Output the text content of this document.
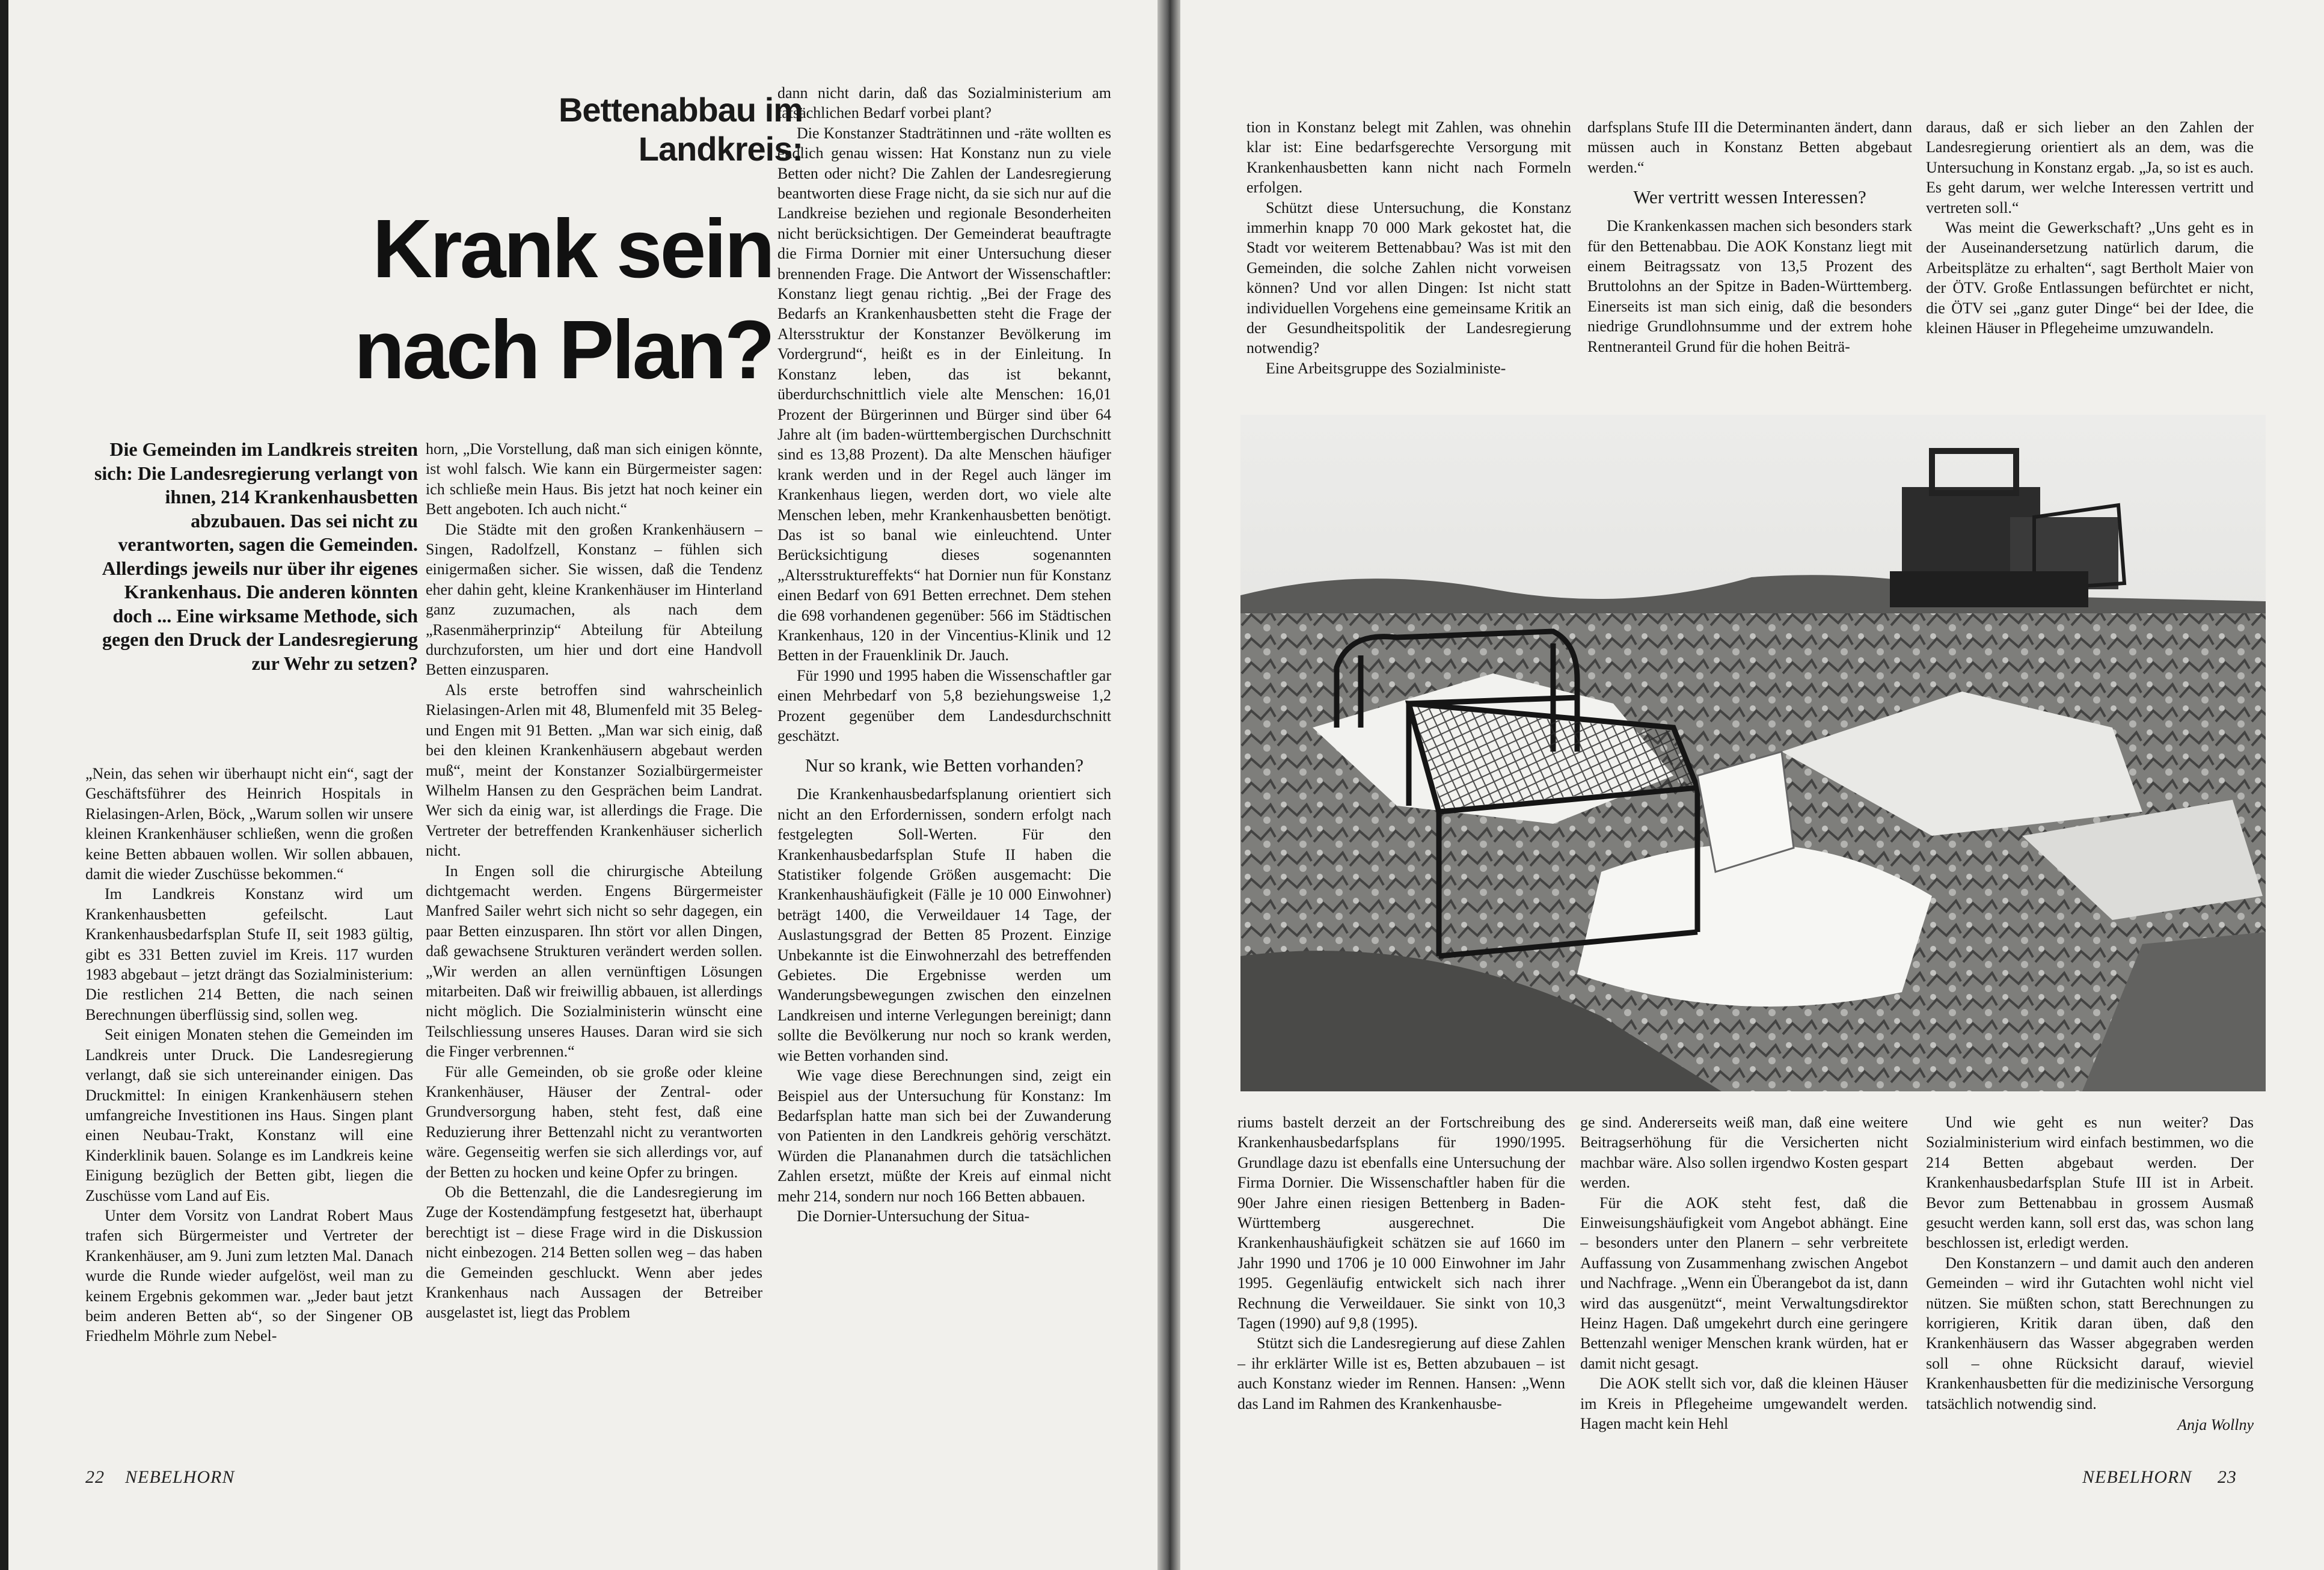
Bettenabbau im Landkreis:
Krank sein
nach Plan?
Die Gemeinden im Landkreis streiten sich: Die Landesregierung verlangt von ihnen, 214 Krankenhausbetten abzubauen. Das sei nicht zu verantworten, sagen die Gemeinden. Allerdings jeweils nur über ihr eigenes Krankenhaus. Die anderen könnten doch ... Eine wirksame Methode, sich gegen den Druck der Landesregierung zur Wehr zu setzen?

„Nein, das sehen wir überhaupt nicht ein“, sagt der Geschäftsführer des Heinrich Hospitals in Rielasingen-Arlen, Böck, „Warum sollen wir unsere kleinen Krankenhäuser schließen, wenn die großen keine Betten abbauen wollen. Wir sollen abbauen, damit die wieder Zuschüsse bekommen.“

Im Landkreis Konstanz wird um Krankenhausbetten gefeilscht. Laut Krankenhausbedarfsplan Stufe II, seit 1983 gültig, gibt es 331 Betten zuviel im Kreis. 117 wurden 1983 abgebaut – jetzt drängt das Sozialministerium: Die restlichen 214 Betten, die nach seinen Berechnungen überflüssig sind, sollen weg.

Seit einigen Monaten stehen die Gemeinden im Landkreis unter Druck. Die Landesregierung verlangt, daß sie sich untereinander einigen. Das Druckmittel: In einigen Krankenhäusern stehen umfangreiche Investitionen ins Haus. Singen plant einen Neubau-Trakt, Konstanz will eine Kinderklinik bauen. Solange es im Landkreis keine Einigung bezüglich der Betten gibt, liegen die Zuschüsse vom Land auf Eis.

Unter dem Vorsitz von Landrat Robert Maus trafen sich Bürgermeister und Vertreter der Krankenhäuser, am 9. Juni zum letzten Mal. Danach wurde die Runde wieder aufgelöst, weil man zu keinem Ergebnis gekommen war. „Jeder baut jetzt beim anderen Betten ab“, so der Singener OB Friedhelm Möhrle zum Nebel-

horn, „Die Vorstellung, daß man sich einigen könnte, ist wohl falsch. Wie kann ein Bürgermeister sagen: ich schließe mein Haus. Bis jetzt hat noch keiner ein Bett angeboten. Ich auch nicht.“

Die Städte mit den großen Krankenhäusern – Singen, Radolfzell, Konstanz – fühlen sich einigermaßen sicher. Sie wissen, daß die Tendenz eher dahin geht, kleine Krankenhäuser im Hinterland ganz zuzumachen, als nach dem „Rasenmäherprinzip“ Abteilung für Abteilung durchzuforsten, um hier und dort eine Handvoll Betten einzusparen.

Als erste betroffen sind wahrscheinlich Rielasingen-Arlen mit 48, Blumenfeld mit 35 Beleg- und Engen mit 91 Betten. „Man war sich einig, daß bei den kleinen Krankenhäusern abgebaut werden muß“, meint der Konstanzer Sozialbürgermeister Wilhelm Hansen zu den Gesprächen beim Landrat. Wer sich da einig war, ist allerdings die Frage. Die Vertreter der betreffenden Krankenhäuser sicherlich nicht.

In Engen soll die chirurgische Abteilung dichtgemacht werden. Engens Bürgermeister Manfred Sailer wehrt sich nicht so sehr dagegen, ein paar Betten einzusparen. Ihn stört vor allen Dingen, daß gewachsene Strukturen verändert werden sollen. „Wir werden an allen vernünftigen Lösungen mitarbeiten. Daß wir freiwillig abbauen, ist allerdings nicht möglich. Die Sozialministerin wünscht eine Teilschliessung unseres Hauses. Daran wird sie sich die Finger verbrennen.“

Für alle Gemeinden, ob sie große oder kleine Krankenhäuser, Häuser der Zentral- oder Grundversorgung haben, steht fest, daß eine Reduzierung ihrer Bettenzahl nicht zu verantworten wäre. Gegenseitig werfen sie sich allerdings vor, auf der Betten zu hocken und keine Opfer zu bringen.

Ob die Bettenzahl, die die Landesregierung im Zuge der Kostendämpfung festgesetzt hat, überhaupt berechtigt ist – diese Frage wird in die Diskussion nicht einbezogen. 214 Betten sollen weg – das haben die Gemeinden geschluckt. Wenn aber jedes Krankenhaus nach Aussagen der Betreiber ausgelastet ist, liegt das Problem

dann nicht darin, daß das Sozialministerium am tatsächlichen Bedarf vorbei plant?

Die Konstanzer Stadträtinnen und -räte wollten es endlich genau wissen: Hat Konstanz nun zu viele Betten oder nicht? Die Zahlen der Landesregierung beantworten diese Frage nicht, da sie sich nur auf die Landkreise beziehen und regionale Besonderheiten nicht berücksichtigen. Der Gemeinderat beauftragte die Firma Dornier mit einer Untersuchung dieser brennenden Frage. Die Antwort der Wissenschaftler: Konstanz liegt genau richtig. „Bei der Frage des Bedarfs an Krankenhausbetten steht die Frage der Altersstruktur der Konstanzer Bevölkerung im Vordergrund“, heißt es in der Einleitung. In Konstanz leben, das ist bekannt, überdurchschnittlich viele alte Menschen: 16,01 Prozent der Bürgerinnen und Bürger sind über 64 Jahre alt (im baden-württembergischen Durchschnitt sind es 13,88 Prozent). Da alte Menschen häufiger krank werden und in der Regel auch länger im Krankenhaus liegen, werden dort, wo viele alte Menschen leben, mehr Krankenhausbetten benötigt. Das ist so banal wie einleuchtend. Unter Berücksichtigung dieses sogenannten „Altersstrukturеffekts“ hat Dornier nun für Konstanz einen Bedarf von 691 Betten errechnet. Dem stehen die 698 vorhandenen gegenüber: 566 im Städtischen Krankenhaus, 120 in der Vincentius-Klinik und 12 Betten in der Frauenklinik Dr. Jauch.

Für 1990 und 1995 haben die Wissenschaftler gar einen Mehrbedarf von 5,8 beziehungsweise 1,2 Prozent gegenüber dem Landesdurchschnitt geschätzt.

Nur so krank, wie Betten vorhanden?

Die Krankenhausbedarfsplanung orientiert sich nicht an den Erfordernissen, sondern erfolgt nach festgelegten Soll-Werten. Für den Krankenhausbedarfsplan Stufe II haben die Statistiker folgende Größen ausgemacht: Die Krankenhaushäufigkeit (Fälle je 10 000 Einwohner) beträgt 1400, die Verweildauer 14 Tage, der Auslastungsgrad der Betten 85 Prozent. Einzige Unbekannte ist die Einwohnerzahl des betreffenden Gebietes. Die Ergebnisse werden um Wanderungsbewegungen zwischen den einzelnen Landkreisen und interne Verlegungen bereinigt; dann sollte die Bevölkerung nur noch so krank werden, wie Betten vorhanden sind.

Wie vage diese Berechnungen sind, zeigt ein Beispiel aus der Untersuchung für Konstanz: Im Bedarfsplan hatte man sich bei der Zuwanderung von Patienten in den Landkreis gehörig verschätzt. Würden die Plananahmen durch die tatsächlichen Zahlen ersetzt, müßte der Kreis auf einmal nicht mehr 214, sondern nur noch 166 Betten abbauen.

Die Dornier-Untersuchung der Situa-

22 NEBELHORN

tion in Konstanz belegt mit Zahlen, was ohnehin klar ist: Eine bedarfsgerechte Versorgung mit Krankenhausbetten kann nicht nach Formeln erfolgen.

Schützt diese Untersuchung, die Konstanz immerhin knapp 70 000 Mark gekostet hat, die Stadt vor weiterem Bettenabbau? Was ist mit den Gemeinden, die solche Zahlen nicht vorweisen können? Und vor allen Dingen: Ist nicht statt individuellen Vorgehens eine gemeinsame Kritik an der Gesundheitspolitik der Landesregierung notwendig?

Eine Arbeitsgruppe des Sozialministe-

darfsplans Stufe III die Determinanten ändert, dann müssen auch in Konstanz Betten abgebaut werden.“

Wer vertritt wessen Interessen?

Die Krankenkassen machen sich besonders stark für den Bettenabbau. Die AOK Konstanz liegt mit einem Beitragssatz von 13,5 Prozent des Bruttolohns an der Spitze in Baden-Württemberg. Einerseits ist man sich einig, daß die besonders niedrige Grundlohnsumme und der extrem hohe Rentneranteil Grund für die hohen Beiträ-

daraus, daß er sich lieber an den Zahlen der Landesregierung orientiert als an dem, was die Untersuchung in Konstanz ergab. „Ja, so ist es auch. Es geht darum, wer welche Interessen vertritt und vertreten soll.“

Was meint die Gewerkschaft? „Uns geht es in der Auseinandersetzung natürlich darum, die Arbeitsplätze zu erhalten“, sagt Bertholt Maier von der ÖTV. Große Entlassungen befürchtet er nicht, die ÖTV sei „ganz guter Dinge“ bei der Idee, die kleinen Häuser in Pflegeheime umzuwandeln.

riums bastelt derzeit an der Fortschreibung des Krankenhausbedarfsplans für 1990/1995. Grundlage dazu ist ebenfalls eine Untersuchung der Firma Dornier. Die Wissenschaftler haben für die 90er Jahre einen riesigen Bettenberg in Baden-Württemberg ausgerechnet. Die Krankenhaushäufigkeit schätzen sie auf 1660 im Jahr 1990 und 1706 je 10 000 Einwohner im Jahr 1995. Gegenläufig entwickelt sich nach ihrer Rechnung die Verweildauer. Sie sinkt von 10,3 Tagen (1990) auf 9,8 (1995).

Stützt sich die Landesregierung auf diese Zahlen – ihr erklärter Wille ist es, Betten abzubauen – ist auch Konstanz wieder im Rennen. Hansen: „Wenn das Land im Rahmen des Krankenhausbe-

ge sind. Andererseits weiß man, daß eine weitere Beitragserhöhung für die Versicherten nicht machbar wäre. Also sollen irgendwo Kosten gespart werden.

Für die AOK steht fest, daß die Einweisungshäufigkeit vom Angebot abhängt. Eine – besonders unter den Planern – sehr verbreitete Auffassung von Zusammenhang zwischen Angebot und Nachfrage. „Wenn ein Überangebot da ist, dann wird das ausgenützt“, meint Verwaltungsdirektor Heinz Hagen. Daß umgekehrt durch eine geringere Bettenzahl weniger Menschen krank würden, hat er damit nicht gesagt.

Die AOK stellt sich vor, daß die kleinen Häuser im Kreis in Pflegeheime umgewandelt werden. Hagen macht kein Hehl

Und wie geht es nun weiter? Das Sozialministerium wird einfach bestimmen, wo die 214 Betten abgebaut werden. Der Krankenhausbedarfsplan Stufe III ist in Arbeit. Bevor zum Bettenabbau in grossem Ausmaß gesucht werden kann, soll erst das, was schon lang beschlossen ist, erledigt werden.

Den Konstanzern – und damit auch den anderen Gemeinden – wird ihr Gutachten wohl nicht viel nützen. Sie müßten schon, statt Berechnungen zu korrigieren, Kritik daran üben, daß den Krankenhäusern das Wasser abgegraben werden soll – ohne Rücksicht darauf, wieviel Krankenhausbetten für die medizinische Versorgung tatsächlich notwendig sind.

Anja Wollny
NEBELHORN 23
